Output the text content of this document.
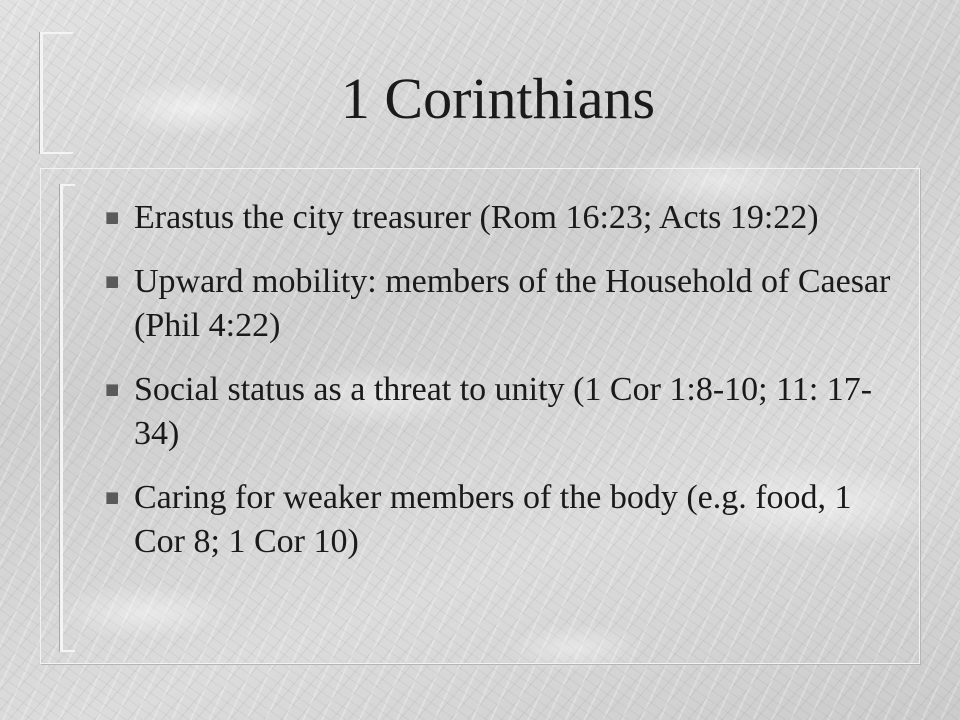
1 Corinthians
Erastus the city treasurer (Rom 16:23; Acts 19:22)
Upward mobility: members of the Household of Caesar (Phil 4:22)
Social status as a threat to unity (1 Cor 1:8-10; 11: 17-34)
Caring for weaker members of the body (e.g. food, 1 Cor 8; 1 Cor 10)
